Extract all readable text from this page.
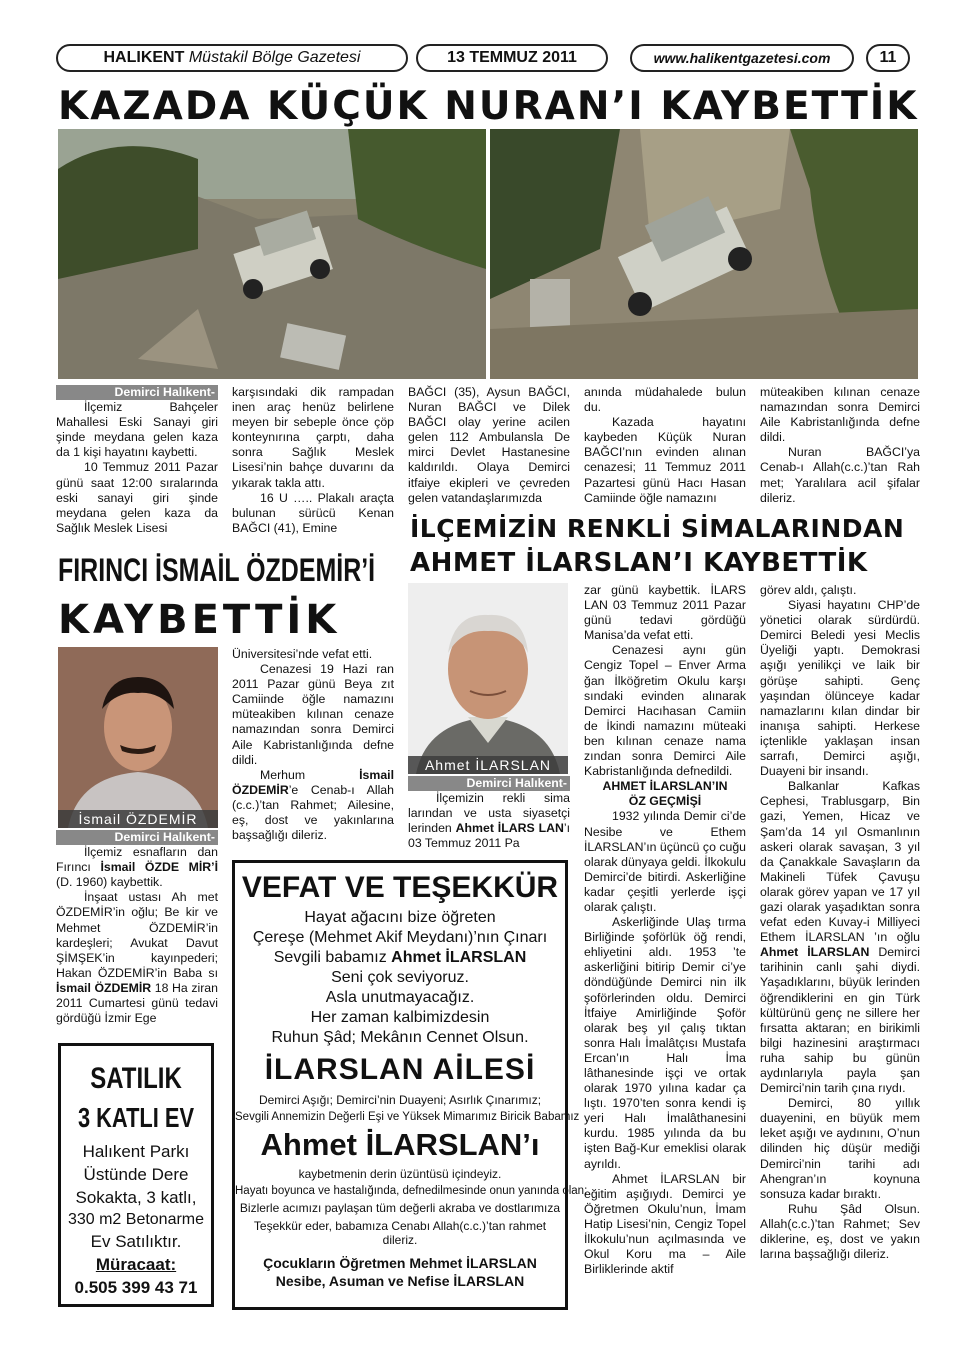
HALIKENT
Müstakil Bölge Gazetesi	13 TEMMUZ 2011	www.halikentgazetesi.com	11
KAZADA KÜÇÜK NURAN’I KAYBETTİK
Demirci Halıkent-

İlçemiz Bahçeler Mahallesi Eski Sanayi giri şinde meydana gelen kaza da 1 kişi hayatını kaybetti.

10 Temmuz 2011 Pazar günü saat 12:00 sıralarında eski sanayi giri şinde meydana gelen kaza da Sağlık Meslek Lisesi

karşısındaki dik rampadan inen araç henüz belirlene meyen bir sebeple önce çöp konteynırına çarptı, daha sonra Sağlık Meslek Lisesi’nin bahçe duvarını da yıkarak takla attı.

16 U ….. Plakalı araçta bulunan sürücü Kenan BAĞCI (41), Emine

BAĞCI (35), Aysun BAĞCI, Nuran BAĞCI ve Dilek BAĞCI olay yerine acilen gelen 112 Ambulansla De mirci Devlet Hastanesine kaldırıldı. Olaya Demirci itfaiye ekipleri ve çevreden gelen vatandaşlarımızda

anında müdahalede bulun du.

Kazada hayatını kaybeden Küçük Nuran BAĞCI’nın evinden alınan cenazesi; 11 Temmuz 2011 Pazartesi günü Hacı Hasan Camiinde öğle namazını

müteakiben kılınan cenaze namazından sonra Demirci Aile Kabristanlığında defne dildi.

Nuran BAĞCI’ya Cenab-ı Allah(c.c.)’tan Rah met; Yaralılara acil şifalar dileriz.

FIRINCI İSMAİL ÖZDEMİR’İ
KAYBETTİK
İsmail ÖZDEMİR
Demirci Halıkent-

İlçemiz esnafların dan Fırıncı İsmail ÖZDE MİR’İ (D. 1960) kaybettik.

İnşaat ustası Ah met ÖZDEMİR’in oğlu; Be kir ve Mehmet ÖZDEMİR’in kardeşleri; Avukat Davut ŞİMŞEK’in kayınpederi; Hakan ÖZDEMİR’in Baba sı İsmail ÖZDEMİR 18 Ha ziran 2011 Cumartesi günü tedavi gördüğü İzmir Ege

Üniversitesi’nde vefat etti.

Cenazesi 19 Hazi ran 2011 Pazar günü Beya zıt Camiinde öğle namazını müteakiben kılınan cenaze namazından sonra Demirci Aile Kabristanlığında defne dildi.

Merhum	İsmail ÖZDEMİR’e Cenab-ı Allah (c.c.)’tan Rahmet; Ailesine, eş, dost ve yakınlarına başsağlığı dileriz.

SATILIK
3 KATLI EV
Halıkent Parkı
Üstünde Dere
Sokakta, 3 katlı,
330 m2 Betonarme
Ev Satılıktır.
Müracaat:
0.505 399 43 71
İLÇEMİZİN RENKLİ SİMALARINDAN
AHMET İLARSLAN’I KAYBETTİK
Ahmet İLARSLAN
Demirci Halıkent-

İlçemizin rekli sima larından ve usta siyasetçi lerinden Ahmet İLARS LAN’ı 03 Temmuz 2011 Pa

zar günü kaybettik. İLARS LAN 03 Temmuz 2011 Pazar günü tedavi gördüğü Manisa’da vefat etti.

Cenazesi aynı gün Cengiz Topel – Enver Arma ğan İlköğretim Okulu karşı sındaki evinden alınarak Demirci Hacıhasan Camiin de İkindi namazını müteaki ben kılınan cenaze nama zından sonra Demirci Aile Kabristanlığında defnedildi.

AHMET İLARSLAN’IN

ÖZ GEÇMİŞİ

1932 yılında Demir ci’de Nesibe ve Ethem İLARSLAN’ın üçüncü ço cuğu olarak dünyaya geldi. İlkokulu Demirci’de bitirdi. Askerliğine kadar çeşitli yerlerde işçi olarak çalıştı.

Askerliğinde Ulaş tırma Birliğinde şoförlük öğ rendi, ehliyetini aldı. 1953 ’te askerliğini bitirip Demir ci’ye döndüğünde Demirci nin ilk şoförlerinden oldu. Demirci İtfaiye Amirliğinde Şoför olarak beş yıl çalış tıktan sonra Halı İmalâtçısı Mustafa Ercan’ın Halı İma lâthanesinde işçi ve ortak olarak 1970 yılına kadar ça lıştı. 1970’ten sonra kendi iş yeri Halı İmalâthanesini kurdu. 1985 yılında da bu işten Bağ-Kur emeklisi olarak ayrıldı.

Ahmet İLARSLAN bir eğitim aşığıydı. Demirci ye Öğretmen Okulu’nun, İmam Hatip Lisesi’nin, Cengiz Topel İlkokulu’nun açılmasında ve Okul Koru ma – Aile Birliklerinde aktif

görev aldı, çalıştı.

Siyasi hayatını CHP’de yönetici olarak sürdürdü. Demirci Beledi yesi Meclis Üyeliği yaptı. Demokrasi aşığı yenilikçi ve laik bir görüşe sahipti. Genç yaşından ölünceye kadar namazlarını kılan dindar bir inanışa sahipti. Herkese içtenlikle yaklaşan insan sarrafı, Demirci aşığı, Duayeni bir insandı.

Balkanlar Kafkas Cephesi, Trablusgarp, Bin gazi, Yemen, Hicaz ve Şam’da 14 yıl Osmanlının askeri olarak savaşan, 3 yıl da Çanakkale Savaşların da Makineli Tüfek Çavuşu olarak görev yapan ve 17 yıl gazi olarak yaşadıktan sonra vefat eden Kuvay-i Milliyeci Ethem İLARSLAN ’ın oğlu Ahmet İLARSLAN Demirci tarihinin canlı şahi diydi. Yaşadıklarını, büyük lerinden öğrendiklerini en gin Türk kültürünü genç ne sillere her fırsatta aktaran; en birikimli bilgi hazinesini araştırmacı ruha sahip bu günün aydınlarıyla payla şan Demirci’nin tarih çına rıydı.

Demirci, 80 yıllık duayenini, en büyük mem leket aşığı ve aydınını, O’nun dilinden hiç düşür mediği Demirci’nin tarihi adı Ahengran’ın koynuna sonsuza kadar bıraktı.

Ruhu Şâd Olsun. Allah(c.c.)’tan Rahmet; Sev diklerine, eş, dost ve yakın larına başsağlığı dileriz.

VEFAT VE TEŞEKKÜR
Hayat ağacını bize öğreten
Çereşe (Mehmet Akif Meydanı)’nın Çınarı
Sevgili babamız Ahmet İLARSLAN
Seni çok seviyoruz.
Asla unutmayacağız.
Her zaman kalbimizdesin
Ruhun Şâd; Mekânın Cennet Olsun.
İLARSLAN AİLESİ
Demirci Aşığı; Demirci’nin Duayeni; Asırlık Çınarımız;
Sevgili Annemizin Değerli Eşi ve Yüksek Mimarımız Biricik Babamız
Ahmet İLARSLAN’ı
kaybetmenin derin üzüntüsü içindeyiz.
Hayatı boyunca ve hastalığında, defnedilmesinde onun yanında olan;
Bizlerle acımızı paylaşan tüm değerli akraba ve dostlarımıza
Teşekkür eder, babamıza Cenabı Allah(c.c.)’tan rahmet dileriz.
Çocukların Öğretmen Mehmet İLARSLAN
Nesibe, Asuman ve Nefise İLARSLAN
